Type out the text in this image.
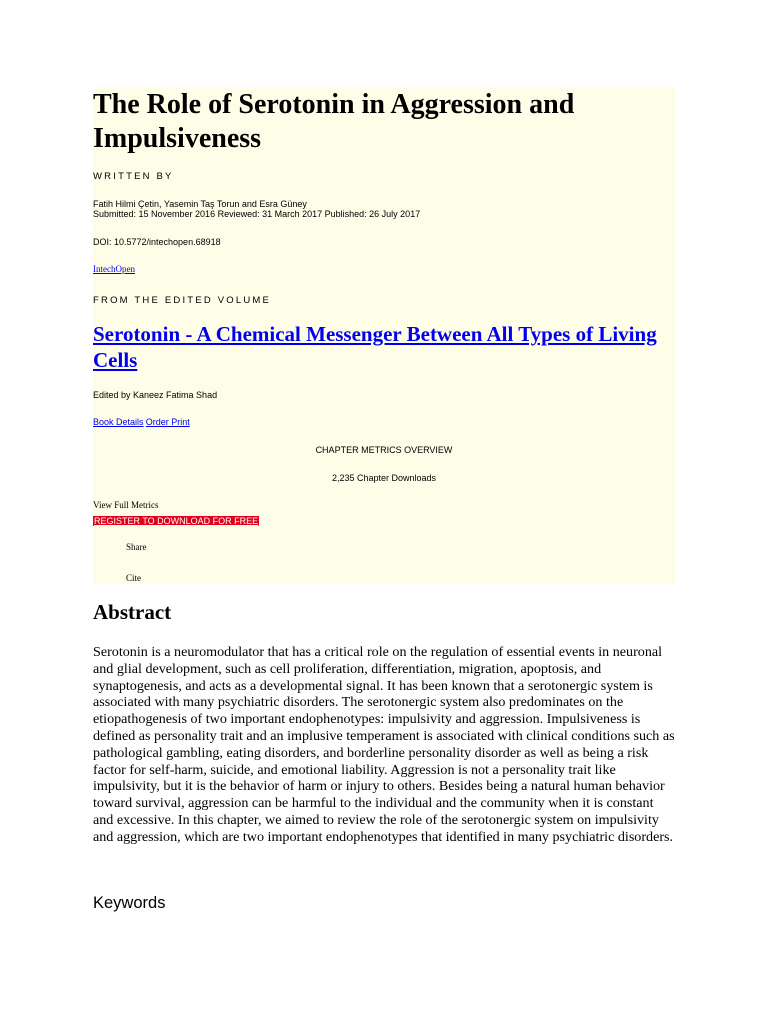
The Role of Serotonin in Aggression and Impulsiveness
WRITTEN BY
Fatih Hilmi Çetin, Yasemin Taş Torun and Esra Güney
Submitted: 15 November 2016 Reviewed: 31 March 2017 Published: 26 July 2017
DOI: 10.5772/intechopen.68918
IntechOpen
FROM THE EDITED VOLUME
Serotonin - A Chemical Messenger Between All Types of Living Cells
Edited by Kaneez Fatima Shad
Book Details Order Print
CHAPTER METRICS OVERVIEW
2,235 Chapter Downloads
View Full Metrics
REGISTER TO DOWNLOAD FOR FREE
Share
Cite
Abstract

Serotonin is a neuromodulator that has a critical role on the regulation of essential events in neuronal and glial development, such as cell proliferation, differentiation, migration, apoptosis, and synaptogenesis, and acts as a developmental signal. It has been known that a serotonergic system is associated with many psychiatric disorders. The serotonergic system also predominates on the etiopathogenesis of two important endophenotypes: impulsivity and aggression. Impulsiveness is defined as personality trait and an implusive temperament is associated with clinical conditions such as pathological gambling, eating disorders, and borderline personality disorder as well as being a risk factor for self-harm, suicide, and emotional liability. Aggression is not a personality trait like impulsivity, but it is the behavior of harm or injury to others. Besides being a natural human behavior toward survival, aggression can be harmful to the individual and the community when it is constant and excessive. In this chapter, we aimed to review the role of the serotonergic system on impulsivity and aggression, which are two important endophenotypes that identified in many psychiatric disorders.

Keywords
